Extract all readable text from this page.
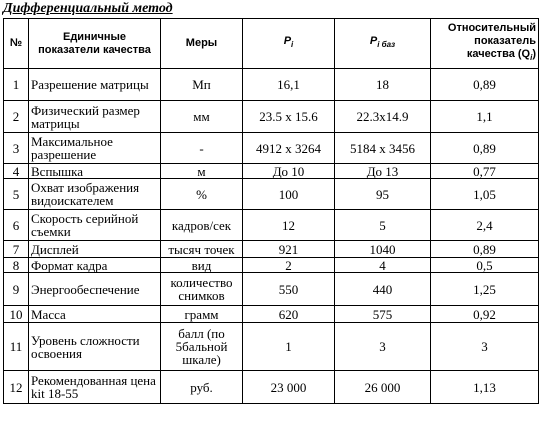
Дифференциальный метод
№	Единичные показатели качества	Меры	$P_i$	$P_{i баз}$	Относительный показатель качества $(Q_i)$
1	Разрешение матрицы	Мп	16,1	18	0,89
2	Физический размер матрицы	мм	23.5 x 15.6	22.3x14.9	1,1
3	Максимальное разрешение	-	4912 x 3264	5184 x 3456	0,89
4	Вспышка	м	До 10	До 13	0,77
5	Охват изображения видоискателем	%	100	95	1,05
6	Скорость серийной съемки	кадров/сек	12	5	2,4
7	Дисплей	тысяч точек	921	1040	0,89
8	Формат кадра	вид	2	4	0,5
9	Энергообеспечение	количество снимков	550	440	1,25
10	Масса	грамм	620	575	0,92
11	Уровень сложности освоения	балл (по 5бальной шкале)	1	3	3
12	Рекомендованная цена kit 18-55	руб.	23 000	26 000	1,13
